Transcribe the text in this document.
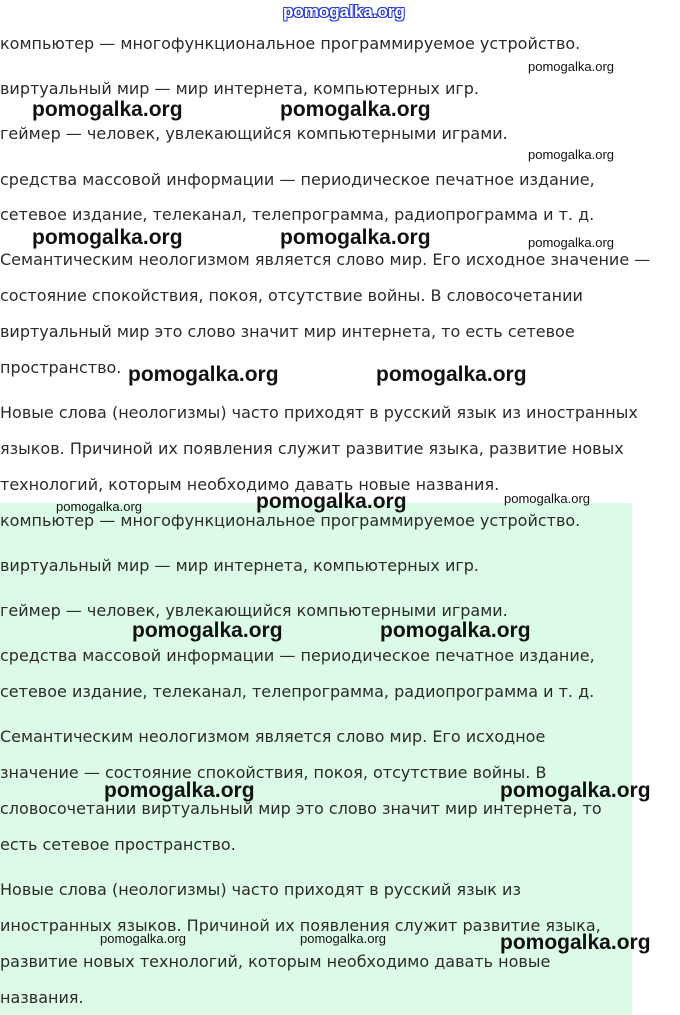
pomogalka.org

компьютер — многофункциональное программируемое устройство.

виртуальный мир — мир интернета, компьютерных игр.

геймер — человек, увлекающийся компьютерными играми.

средства массовой информации — периодическое печатное издание,

сетевое издание, телеканал, телепрограмма, радиопрограмма и т. д.

Семантическим неологизмом является слово мир. Его исходное значение —

состояние спокойствия, покоя, отсутствие войны. В словосочетании

виртуальный мир это слово значит мир интернета, то есть сетевое

пространство.

Новые слова (неологизмы) часто приходят в русский язык из иностранных

языков. Причиной их появления служит развитие языка, развитие новых

технологий, которым необходимо давать новые названия.

компьютер — многофункциональное программируемое устройство.

виртуальный мир — мир интернета, компьютерных игр.

геймер — человек, увлекающийся компьютерными играми.

средства массовой информации — периодическое печатное издание,

сетевое издание, телеканал, телепрограмма, радиопрограмма и т. д.

Семантическим неологизмом является слово мир. Его исходное

значение — состояние спокойствия, покоя, отсутствие войны. В

словосочетании виртуальный мир это слово значит мир интернета, то

есть сетевое пространство.

Новые слова (неологизмы) часто приходят в русский язык из

иностранных языков. Причиной их появления служит развитие языка,

развитие новых технологий, которым необходимо давать новые

названия.

pomogalka.org
pomogalka.org	pomogalka.org
pomogalka.org
pomogalka.org	pomogalka.org	pomogalka.org
pomogalka.org	pomogalka.org
pomogalka.org	pomogalka.org	pomogalka.org
pomogalka.org	pomogalka.org
pomogalka.org	pomogalka.org
pomogalka.org	pomogalka.org	pomogalka.org
